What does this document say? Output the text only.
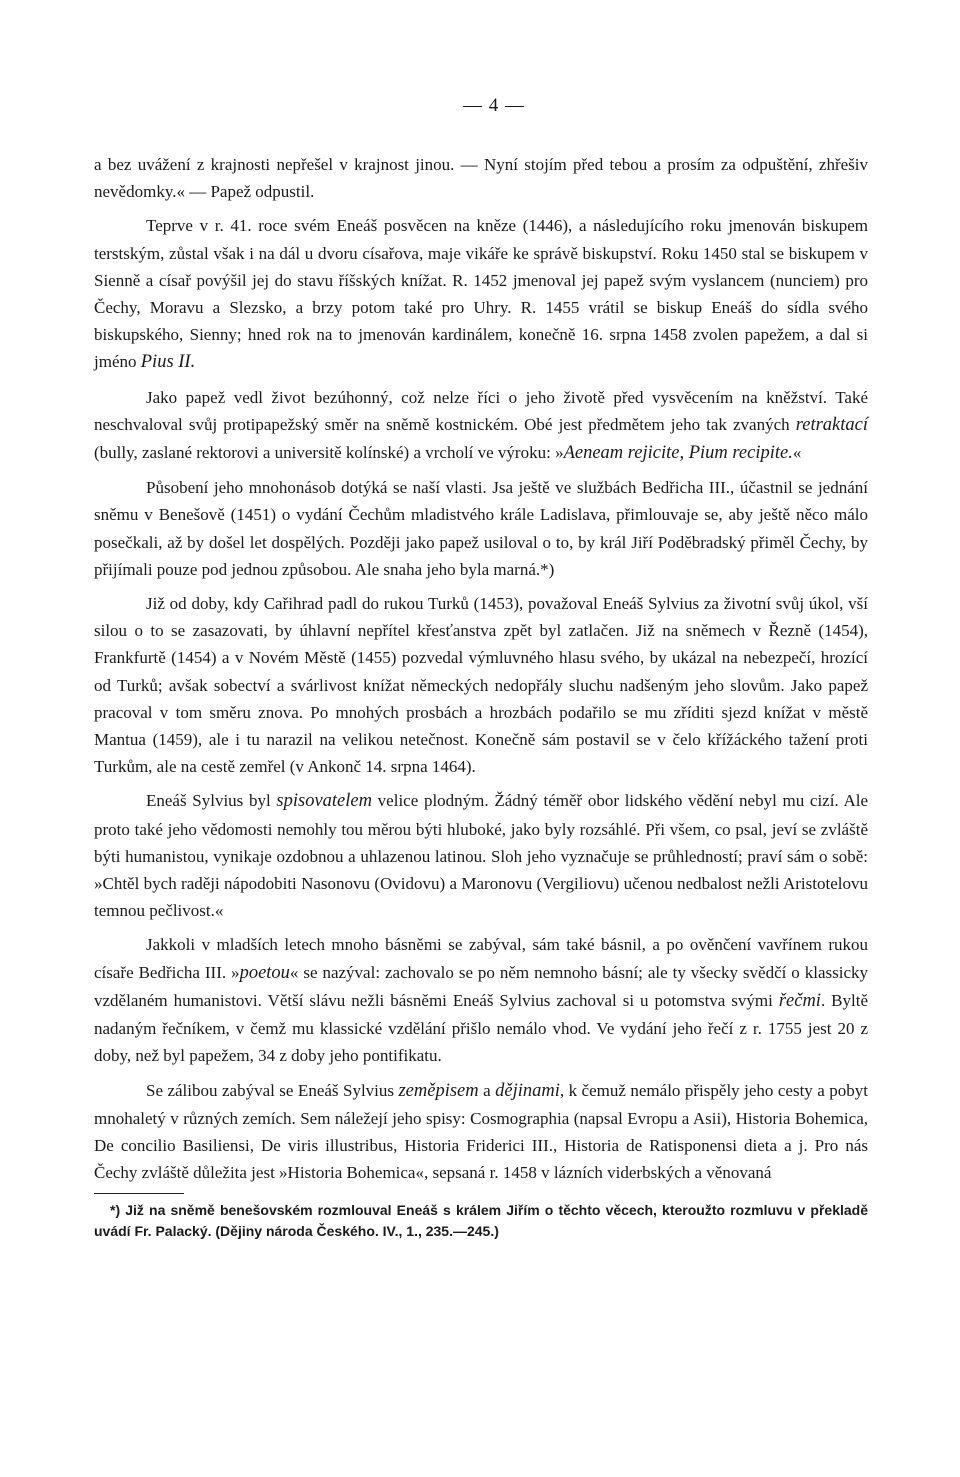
— 4 —

a bez uvážení z krajnosti nepřešel v krajnost jinou. — Nyní stojím před tebou a prosím za odpuštění, zhřešiv nevědomky.« — Papež odpustil.

Teprve v r. 41. roce svém Eneáš posvěcen na kněze (1446), a následujícího roku jmenován biskupem terstským, zůstal však i na dál u dvoru císařova, maje vikáře ke správě biskupství. Roku 1450 stal se biskupem v Sienně a císař povýšil jej do stavu říšských knížat. R. 1452 jmenoval jej papež svým vyslancem (nunciem) pro Čechy, Moravu a Slezsko, a brzy potom také pro Uhry. R. 1455 vrátil se biskup Eneáš do sídla svého biskupského, Sienny; hned rok na to jmenován kardinálem, konečně 16. srpna 1458 zvolen papežem, a dal si jméno Pius II.

Jako papež vedl život bezúhonný, což nelze říci o jeho životě před vysvěcením na kněžství. Také neschvaloval svůj protipapežský směr na sněmě kostnickém. Obé jest předmětem jeho tak zvaných retraktací (bully, zaslané rektorovi a universitě kolínské) a vrcholí ve výroku: »Aeneam rejicite, Pium recipite.«

Působení jeho mnohonásob dotýká se naší vlasti. Jsa ještě ve službách Bedřicha III., účastnil se jednání sněmu v Benešově (1451) o vydání Čechům mladistvého krále Ladislava, přimlouvaje se, aby ještě něco málo posečkali, až by došel let dospělých. Později jako papež usiloval o to, by král Jiří Poděbradský přiměl Čechy, by přijímali pouze pod jednou způsobou. Ale snaha jeho byla marná.*)

Již od doby, kdy Cařihrad padl do rukou Turků (1453), považoval Eneáš Sylvius za životní svůj úkol, vší silou o to se zasazovati, by úhlavní nepřítel křesťanstva zpět byl zatlačen. Již na sněmech v Řezně (1454), Frankfurtě (1454) a v Novém Městě (1455) pozvedal výmluvného hlasu svého, by ukázal na nebezpečí, hrozící od Turků; avšak sobectví a svárlivost knížat německých nedopřály sluchu nadšeným jeho slovům. Jako papež pracoval v tom směru znova. Po mnohých prosbách a hrozbách podařilo se mu zříditi sjezd knížat v městě Mantua (1459), ale i tu narazil na velikou netečnost. Konečně sám postavil se v čelo křížáckého tažení proti Turkům, ale na cestě zemřel (v Ankonč 14. srpna 1464).

Eneáš Sylvius byl spisovatelem velice plodným. Žádný téměř obor lidského vědění nebyl mu cizí. Ale proto také jeho vědomosti nemohly tou měrou býti hluboké, jako byly rozsáhlé. Při všem, co psal, jeví se zvláště býti humanistou, vynikaje ozdobnou a uhlazenou latinou. Sloh jeho vyznačuje se průhledností; praví sám o sobě: »Chtěl bych raději nápodobiti Nasonovu (Ovidovu) a Maronovu (Vergiliovu) učenou nedbalost nežli Aristotelovu temnou pečlivost.«

Jakkoli v mladších letech mnoho básněmi se zabýval, sám také básnil, a po ověnčení vavřínem rukou císaře Bedřicha III. »poetou« se nazýval: zachovalo se po něm nemnoho básní; ale ty všecky svědčí o klassicky vzdělaném humanistovi. Větší slávu nežli básněmi Eneáš Sylvius zachoval si u potomstva svými řečmi. Byltě nadaným řečníkem, v čemž mu klassické vzdělání přišlo nemálo vhod. Ve vydání jeho řečí z r. 1755 jest 20 z doby, než byl papežem, 34 z doby jeho pontifikatu.

Se zálibou zabýval se Eneáš Sylvius zeměpisem a dějinami, k čemuž nemálo přispěly jeho cesty a pobyt mnohaletý v různých zemích. Sem náležejí jeho spisy: Cosmographia (napsal Evropu a Asii), Historia Bohemica, De concilio Basiliensi, De viris illustribus, Historia Friderici III., Historia de Ratisponensi dieta a j. Pro nás Čechy zvláště důležita jest »Historia Bohemica«, sepsaná r. 1458 v lázních viderbských a věnovaná

*) Již na sněmě benešovském rozmlouval Eneáš s králem Jiřím o těchto věcech, kteroužto rozmluvu v překladě uvádí Fr. Palacký. (Dějiny národa Českého. IV., 1., 235.—245.)
